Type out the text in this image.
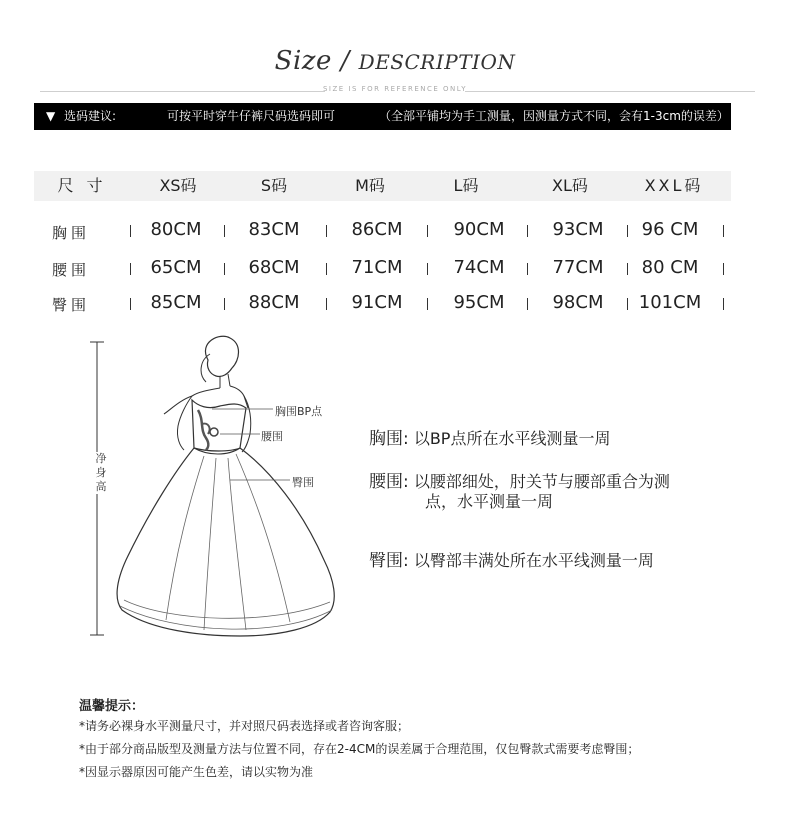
Size / DESCRIPTION
SIZE IS FOR REFERENCE ONLY
▼ 选码建议:	可按平时穿牛仔裤尺码选码即可	（全部平铺均为手工测量，因测量方式不同，会有1-3cm的误差）
尺 寸	XS码	S码	M码	L码	XL码	XXL码
胸围	80CM	83CM	86CM	90CM	93CM	96 CM
腰围	65CM	68CM	71CM	74CM	77CM	80 CM
臀围	85CM	88CM	91CM	95CM	98CM	101CM
净身高
胸围BP点
腰围
臀围
胸围: 以BP点所在水平线测量一周
腰围: 以腰部细处，肘关节与腰部重合为测
点，水平测量一周
臀围: 以臀部丰满处所在水平线测量一周
温馨提示：
*请务必裸身水平测量尺寸，并对照尺码表选择或者咨询客服；
*由于部分商品版型及测量方法与位置不同，存在2-4CM的误差属于合理范围，仅包臀款式需要考虑臀围；
*因显示器原因可能产生色差，请以实物为准
